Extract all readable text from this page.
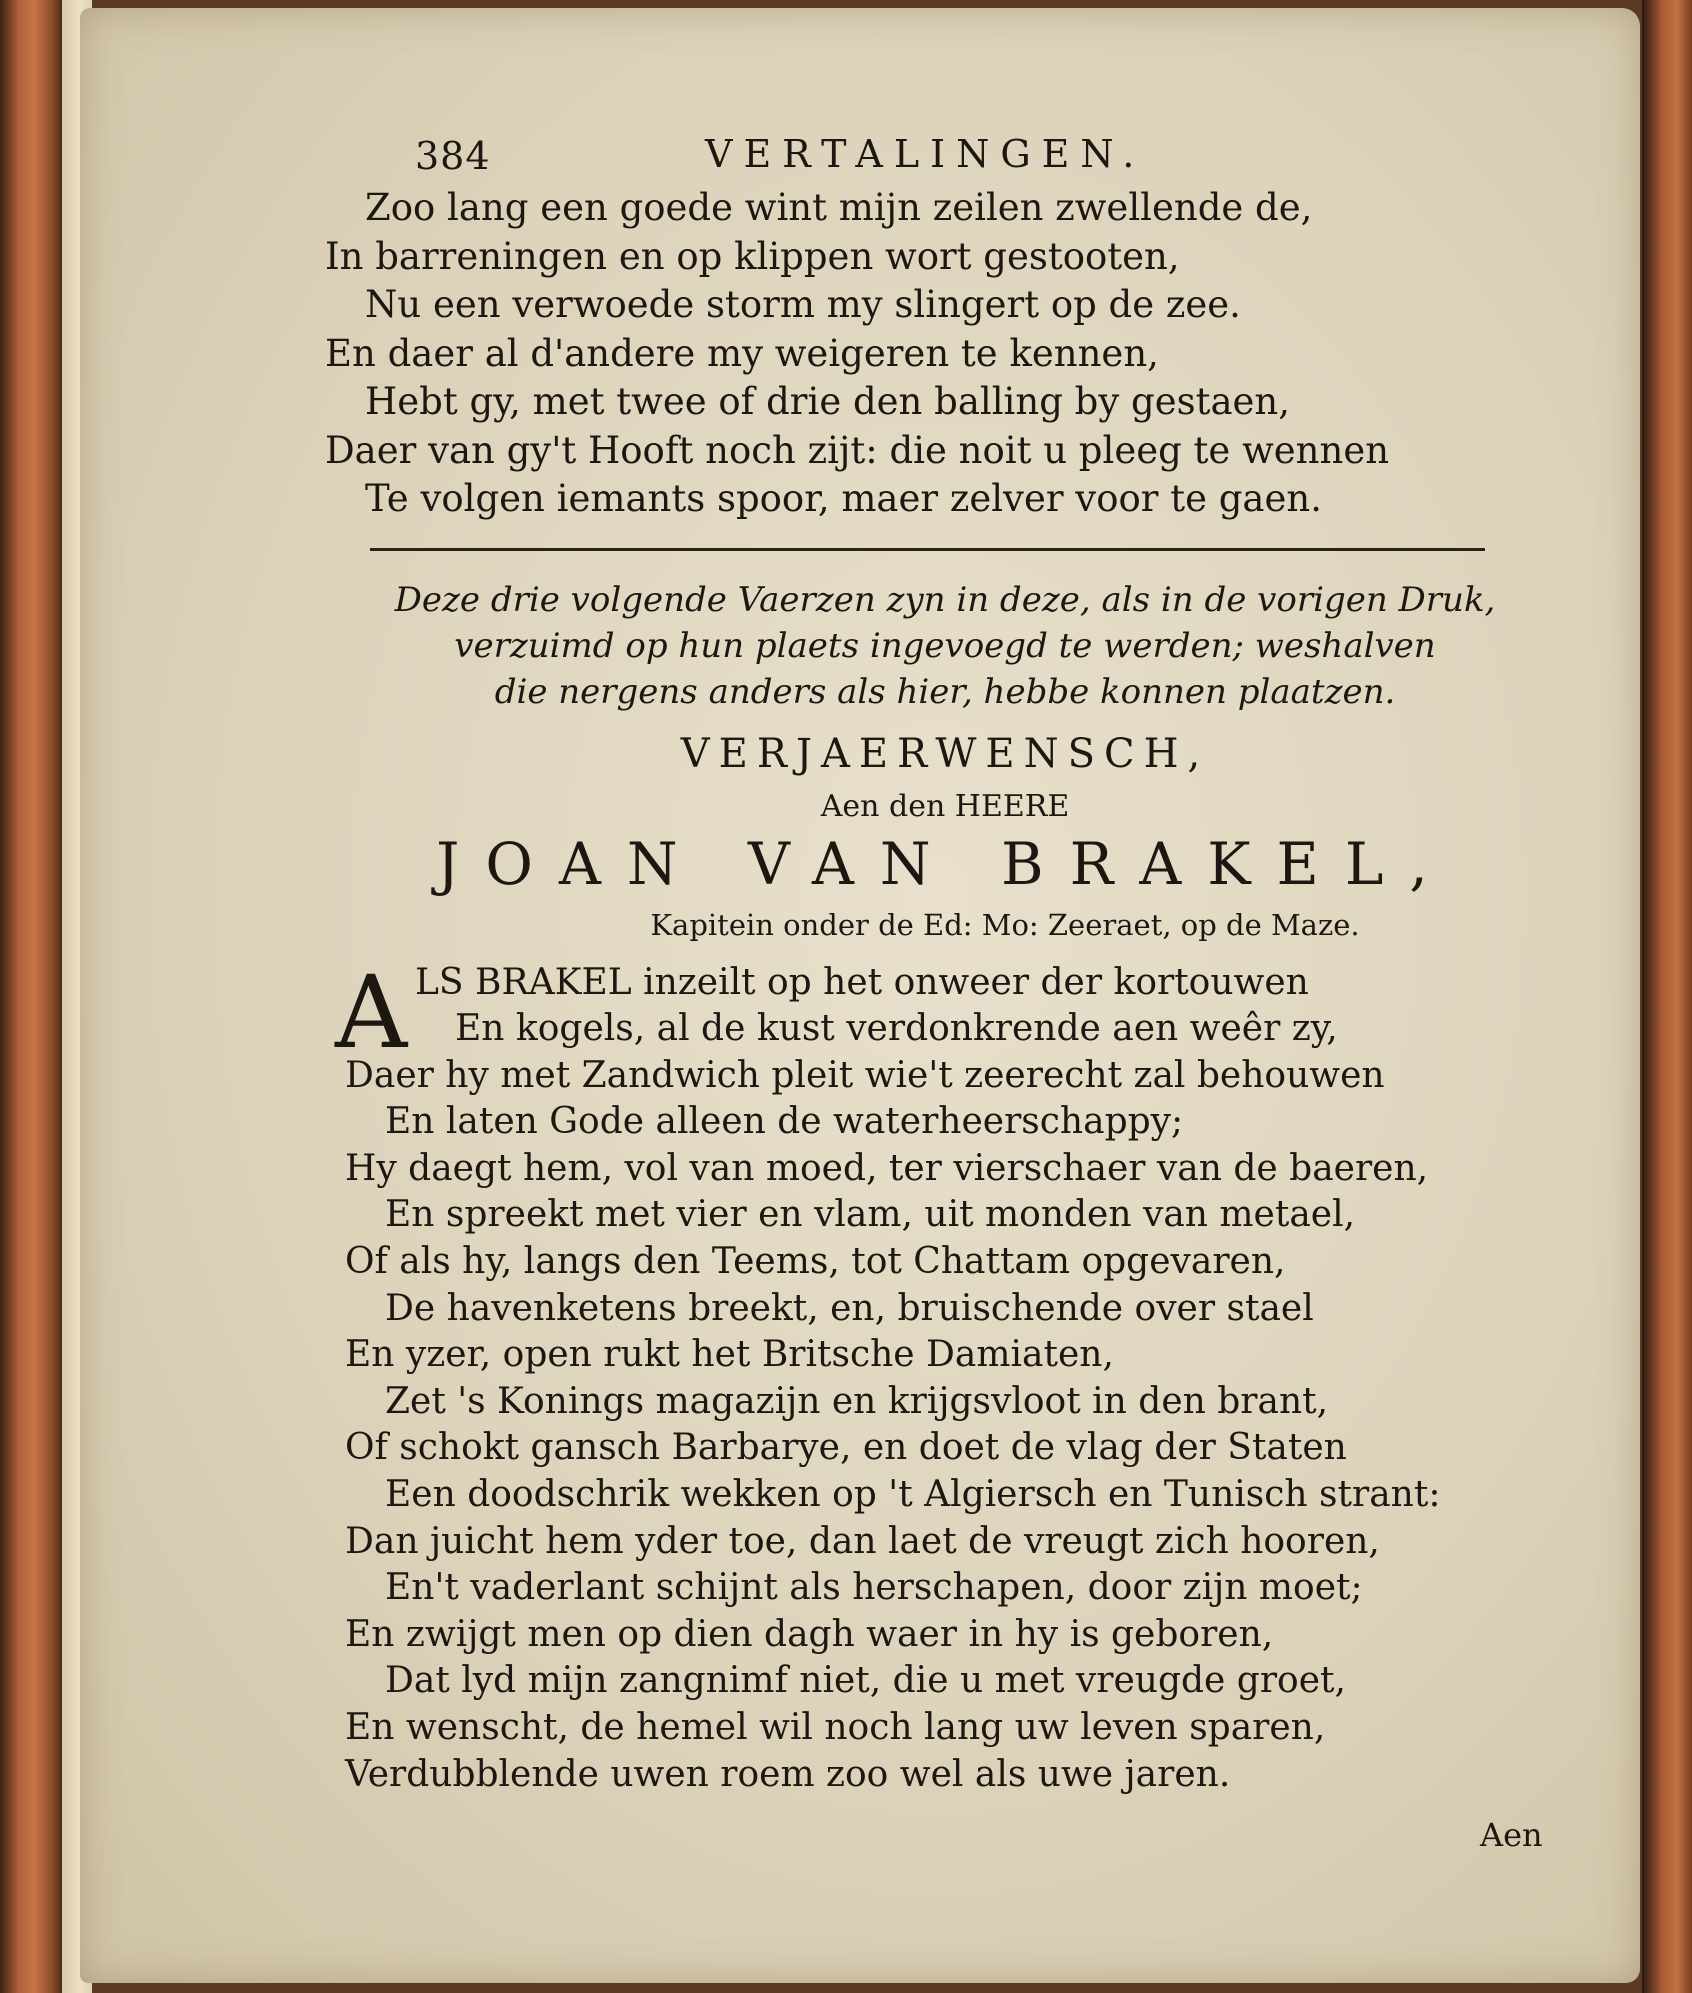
384	VERTALINGEN.
Zoo lang een goede wint mijn zeilen zwellende de,
In barreningen en op klippen wort gestooten,
Nu een verwoede storm my slingert op de zee.
En daer al d'andere my weigeren te kennen,
Hebt gy, met twee of drie den balling by gestaen,
Daer van gy't Hooft noch zijt: die noit u pleeg te wennen
Te volgen iemants spoor, maer zelver voor te gaen.
Deze drie volgende Vaerzen zyn in deze, als in de vorigen Druk,
verzuimd op hun plaets ingevoegd te werden; weshalven
die nergens anders als hier, hebbe konnen plaatzen.
VERJAERWENSCH,
Aen den HEERE
JOAN VAN BRAKEL,
Kapitein onder de Ed: Mo: Zeeraet, op de Maze.
A LS BRAKEL inzeilt op het onweer der kortouwen
En kogels, al de kust verdonkrende aen weêr zy,
Daer hy met Zandwich pleit wie't zeerecht zal behouwen
En laten Gode alleen de waterheerschappy;
Hy daegt hem, vol van moed, ter vierschaer van de baeren,
En spreekt met vier en vlam, uit monden van metael,
Of als hy, langs den Teems, tot Chattam opgevaren,
De havenketens breekt, en, bruischende over stael
En yzer, open rukt het Britsche Damiaten,
Zet 's Konings magazijn en krijgsvloot in den brant,
Of schokt gansch Barbarye, en doet de vlag der Staten
Een doodschrik wekken op 't Algiersch en Tunisch strant:
Dan juicht hem yder toe, dan laet de vreugt zich hooren,
En't vaderlant schijnt als herschapen, door zijn moet;
En zwijgt men op dien dagh waer in hy is geboren,
Dat lyd mijn zangnimf niet, die u met vreugde groet,
En wenscht, de hemel wil noch lang uw leven sparen,
Verdubblende uwen roem zoo wel als uwe jaren.
Aen
